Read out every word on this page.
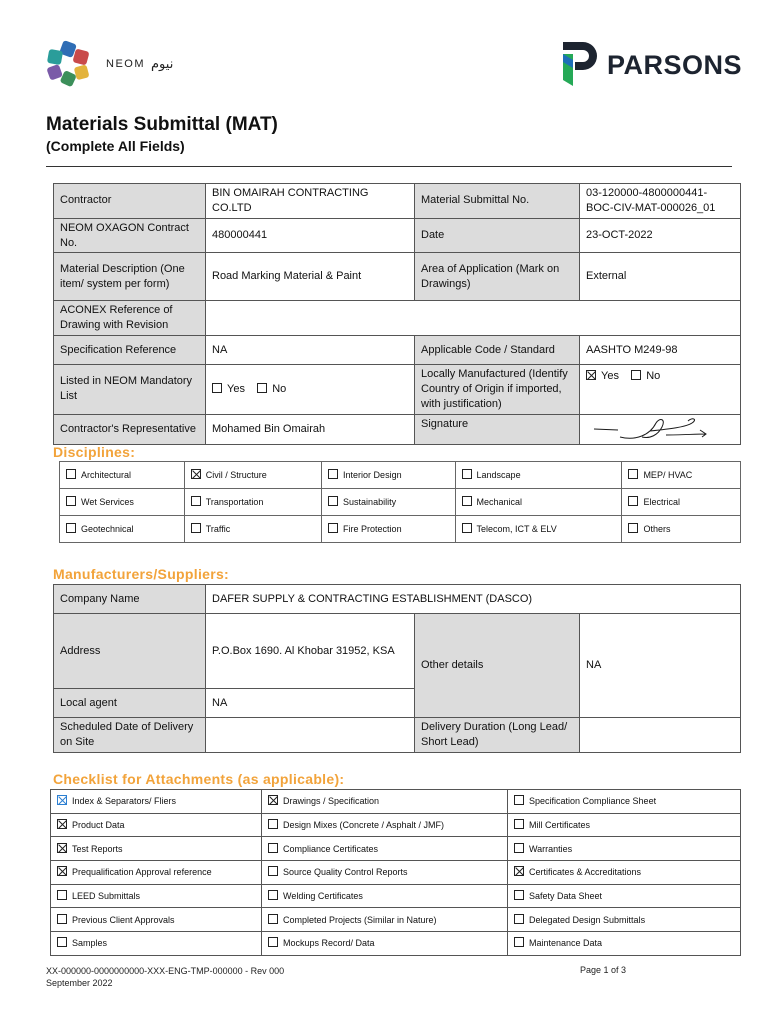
NEOM نيوم	PARSONS
Materials Submittal (MAT)
(Complete All Fields)
Contractor	BIN OMAIRAH CONTRACTING CO.LTD	Material Submittal No.	03-120000-4800000441-BOC-CIV-MAT-000026_01
NEOM OXAGON Contract No.	480000441	Date	23-OCT-2022
Material Description (One item/ system per form)	Road Marking Material & Paint	Area of Application (Mark on Drawings)	External
ACONEX Reference of Drawing with Revision			
Specification Reference	NA	Applicable Code / Standard	AASHTO M249-98
Listed in NEOM Mandatory List	Yes No	Locally Manufactured (Identify Country of Origin if imported, with justification)	Yes No
Contractor's Representative	Mohamed Bin Omairah	Signature	
Disciplines:
Architectural	Civil / Structure	Interior Design	Landscape	MEP/ HVAC
Wet Services	Transportation	Sustainability	Mechanical	Electrical
Geotechnical	Traffic	Fire Protection	Telecom, ICT & ELV	Others
Manufacturers/Suppliers:
Company Name	DAFER SUPPLY & CONTRACTING ESTABLISHMENT (DASCO)		
Address	P.O.Box 1690. Al Khobar 31952, KSA	Other details	NA
Local agent	NA		
Scheduled Date of Delivery on Site		Delivery Duration (Long Lead/ Short Lead)	
Checklist for Attachments (as applicable):
Index & Separators/ Fliers	Drawings / Specification	Specification Compliance Sheet
Product Data	Design Mixes (Concrete / Asphalt / JMF)	Mill Certificates
Test Reports	Compliance Certificates	Warranties
Prequalification Approval reference	Source Quality Control Reports	Certificates & Accreditations
LEED Submittals	Welding Certificates	Safety Data Sheet
Previous Client Approvals	Completed Projects (Similar in Nature)	Delegated Design Submittals
Samples	Mockups Record/ Data	Maintenance Data
XX-000000-0000000000-XXX-ENG-TMP-000000 - Rev 000
September 2022
Page 1 of 3
